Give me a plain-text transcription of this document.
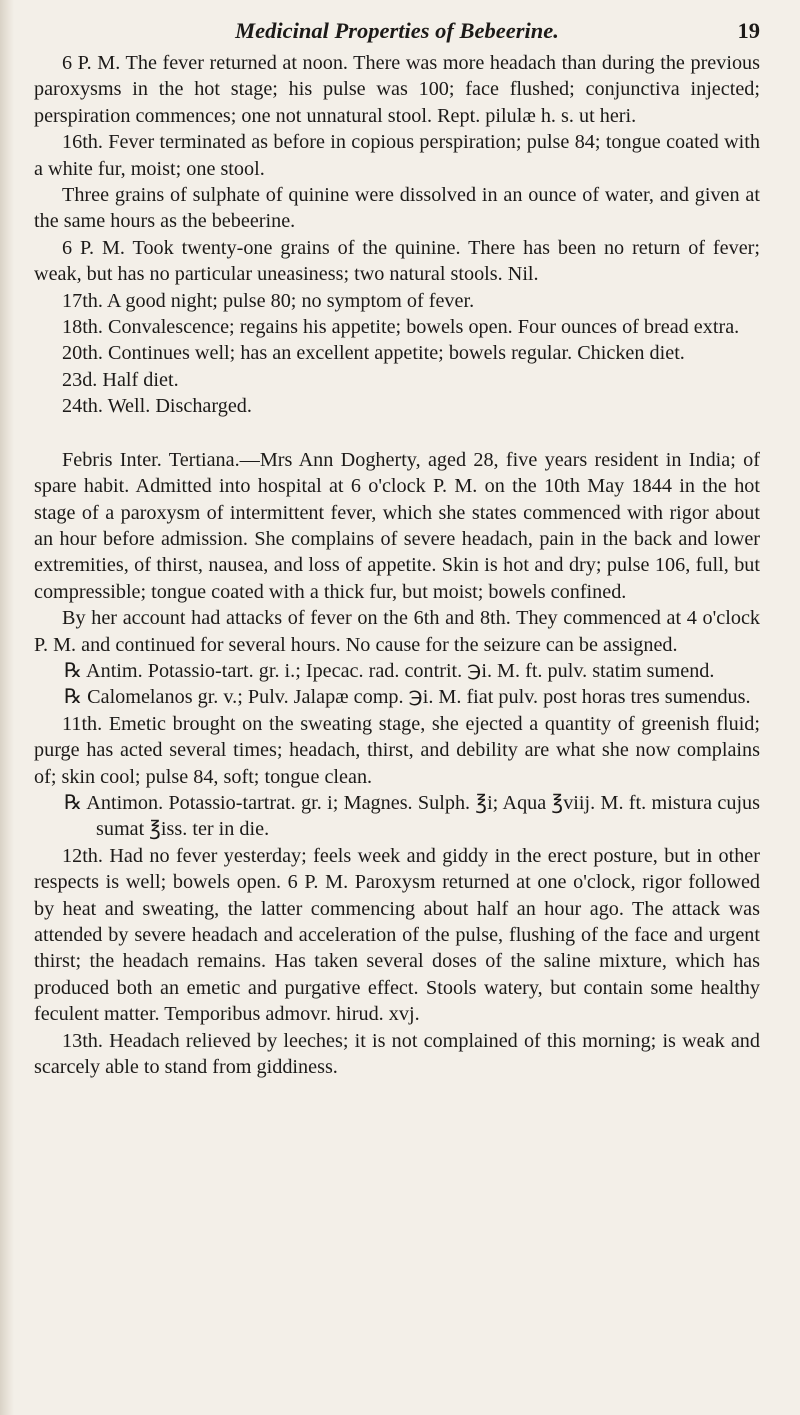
Medicinal Properties of Bebeerine.	19

6 P. M. The fever returned at noon. There was more headach than during the previous paroxysms in the hot stage; his pulse was 100; face flushed; conjunctiva injected; perspiration commences; one not unnatural stool. Rept. pilulæ h. s. ut heri.

16th. Fever terminated as before in copious perspiration; pulse 84; tongue coated with a white fur, moist; one stool.

Three grains of sulphate of quinine were dissolved in an ounce of water, and given at the same hours as the bebeerine.

6 P. M. Took twenty-one grains of the quinine. There has been no return of fever; weak, but has no particular uneasiness; two natural stools. Nil.

17th. A good night; pulse 80; no symptom of fever.

18th. Convalescence; regains his appetite; bowels open. Four ounces of bread extra.

20th. Continues well; has an excellent appetite; bowels regular. Chicken diet.

23d. Half diet.

24th. Well. Discharged.

Febris Inter. Tertiana.—Mrs Ann Dogherty, aged 28, five years resident in India; of spare habit. Admitted into hospital at 6 o'clock P. M. on the 10th May 1844 in the hot stage of a paroxysm of intermittent fever, which she states commenced with rigor about an hour before admission. She complains of severe headach, pain in the back and lower extremities, of thirst, nausea, and loss of appetite. Skin is hot and dry; pulse 106, full, but compressible; tongue coated with a thick fur, but moist; bowels confined.

By her account had attacks of fever on the 6th and 8th. They commenced at 4 o'clock P. M. and continued for several hours. No cause for the seizure can be assigned.

℞ Antim. Potassio-tart. gr. i.; Ipecac. rad. contrit. ℈i. M. ft. pulv. statim sumend.

℞ Calomelanos gr. v.; Pulv. Jalapæ comp. ℈i. M. fiat pulv. post horas tres sumendus.

11th. Emetic brought on the sweating stage, she ejected a quantity of greenish fluid; purge has acted several times; headach, thirst, and debility are what she now complains of; skin cool; pulse 84, soft; tongue clean.

℞ Antimon. Potassio-tartrat. gr. i; Magnes. Sulph. ℥i; Aqua ℥viij. M. ft. mistura cujus sumat ℥iss. ter in die.

12th. Had no fever yesterday; feels week and giddy in the erect posture, but in other respects is well; bowels open. 6 P. M. Paroxysm returned at one o'clock, rigor followed by heat and sweating, the latter commencing about half an hour ago. The attack was attended by severe headach and acceleration of the pulse, flushing of the face and urgent thirst; the headach remains. Has taken several doses of the saline mixture, which has produced both an emetic and purgative effect. Stools watery, but contain some healthy feculent matter. Temporibus admovr. hirud. xvj.

13th. Headach relieved by leeches; it is not complained of this morning; is weak and scarcely able to stand from giddiness.
